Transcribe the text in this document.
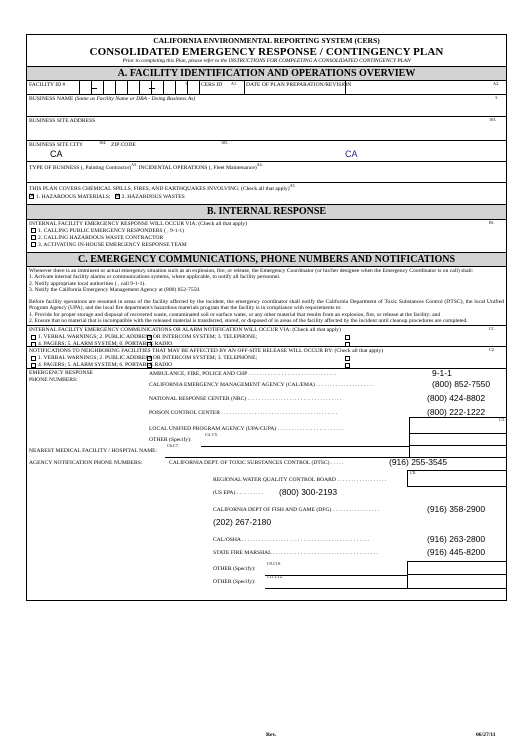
CALIFORNIA ENVIRONMENTAL REPORTING SYSTEM (CERS)
CONSOLIDATED EMERGENCY RESPONSE / CONTINGENCY PLAN
Prior to completing this Plan, please refer to the INSTRUCTIONS FOR COMPLETING A CONSOLIDATED CONTINGENCY PLAN
A. FACILITY IDENTIFICATION AND OPERATIONS OVERVIEW
FACILITY ID #	1. CERS ID A1. DATE OF PLAN PREPARATION/REVISION	A2.
BUSINESS NAME (Same as Facility Name or DBA - Doing Business As)	3.
BUSINESS SITE ADDRESS	103.
BUSINESS SITE CITY	104. ZIP CODE	105.
CA	CA
TYPE OF BUSINESS (, Painting Contractor)$^{A3.}$ INCIDENTAL OPERATIONS (, Fleet Maintenance)$^{A4.}$
THIS PLAN COVERS CHEMICAL SPILLS, FIRES, AND EARTHQUAKES INVOLVING: (Check all that apply)$^{A5.}$
✕1. HAZARDOUS MATERIALS;   ✕ 2. HAZARDOUS WASTES
B. INTERNAL RESPONSE
INTERNAL FACILITY EMERGENCY RESPONSE WILL OCCUR VIA: (Check all that apply)	B1.
1. CALLING PUBLIC EMERGENCY RESPONDERS ( , 9-1-1)
2. CALLING HAZARDOUS WASTE CONTRACTOR
3. ACTIVATING IN-HOUSE EMERGENCY RESPONSE TEAM
C. EMERGENCY COMMUNICATIONS, PHONE NUMBERS AND NOTIFICATIONS

Whenever there is an imminent or actual emergency situation such as an explosion, fire, or release, the Emergency Coordinator (or his/her designee when the Emergency Coordinator is on call) shall:

1. Activate internal facility alarms or communications systems, where applicable, to notify all facility personnel.

2. Notify appropriate local authorities ( , call 9-1-1).

3. Notify the California Emergency Management Agency at (800) 852-7550.

Before facility operations are resumed in areas of the facility affected by the incident, the emergency coordinator shall notify the California Department of Toxic Substances Control (DTSC), the local Unified Program Agency (UPA), and the local fire department's hazardous materials program that the facility is in compliance with requirements to:

1. Provide for proper storage and disposal of recovered waste, contaminated soil or surface water, or any other material that results from an explosion, fire, or release at the facility; and

2. Ensure that no material that is incompatible with the released material is transferred, stored, or disposed of in areas of the facility affected by the incident until cleanup procedures are completed.

INTERNAL FACILITY EMERGENCY COMMUNICATIONS OR ALARM NOTIFICATION WILL OCCUR VIA: (Check all that apply)	C1.
1. VERBAL WARNINGS; 2. PUBLIC ADDRESS OR INTERCOM SYSTEM; 3. TELEPHONE;
4. PAGERS; 5. ALARM SYSTEM; 6. PORTABLE RADIO
NOTIFICATIONS TO NEIGHBORING FACILITIES THAT MAY BE AFFECTED BY AN OFF-SITE RELEASE WILL OCCUR BY: (Check all that apply)	C2.
1. VERBAL WARNINGS; 2. PUBLIC ADDRESS OR INTERCOM SYSTEM; 3. TELEPHONE;
4. PAGERS; 5. ALARM SYSTEM; 6. PORTABLE RADIO
EMERGENCY RESPONSE
PHONE NUMBERS:
AMBULANCE, FIRE, POLICE AND CHP . . . . . . . . . . . . . . . . . . . . . . . . . . . . . . . .	9-1-1
CALIFORNIA EMERGENCY MANAGEMENT AGENCY (CAL/EMA) . . . . . . . . . . . . . . . . . . . . .	(800) 852-7550
NATIONAL RESPONSE CENTER (NRC) . . . . . . . . . . . . . . . . . . . . . . . . . . . . . . . . . .	(800) 424-8802
POISON CONTROL CENTER . . . . . . . . . . . . . . . . . . . . . . . . . . . . . . . . . . . . . . . . . .	(800) 222-1222
LOCAL UNIFIED PROGRAM AGENCY (UPA/CUPA) . . . . . . . . . . . . . . . . . . . . . . . .
C3.
OTHER (Specify):
C4. C5.
NEAREST MEDICAL FACILITY / HOSPITAL NAME:
C6.C7.
AGENCY NOTIFICATION PHONE NUMBERS:	CALIFORNIA DEPT. OF TOXIC SUBSTANCES CONTROL (DTSC) . . . . .	(916) 255-3545
REGIONAL WATER QUALITY CONTROL BOARD . . . . . . . . . . . . . . . . . .
C8.
(US EPA) . . . . . . . . . . (800) 300-2193
CALIFORNIA DEPT OF FISH AND GAME (DFG) . . . . . . . . . . . . . . . . .	(916) 358-2900
(202) 267-2180
CAL/OSHA . . . . . . . . . . . . . . . . . . . . . . . . . . . . . . . . . . . . . . . . . . . . . .	(916) 263-2800
STATE FIRE MARSHAL . . . . . . . . . . . . . . . . . . . . . . . . . . . . . . . . . . . . . .	(916) 445-8200
OTHER (Specify):
C9.C10.
OTHER (Specify):
C11.C12.
Rev.	06/27/11
